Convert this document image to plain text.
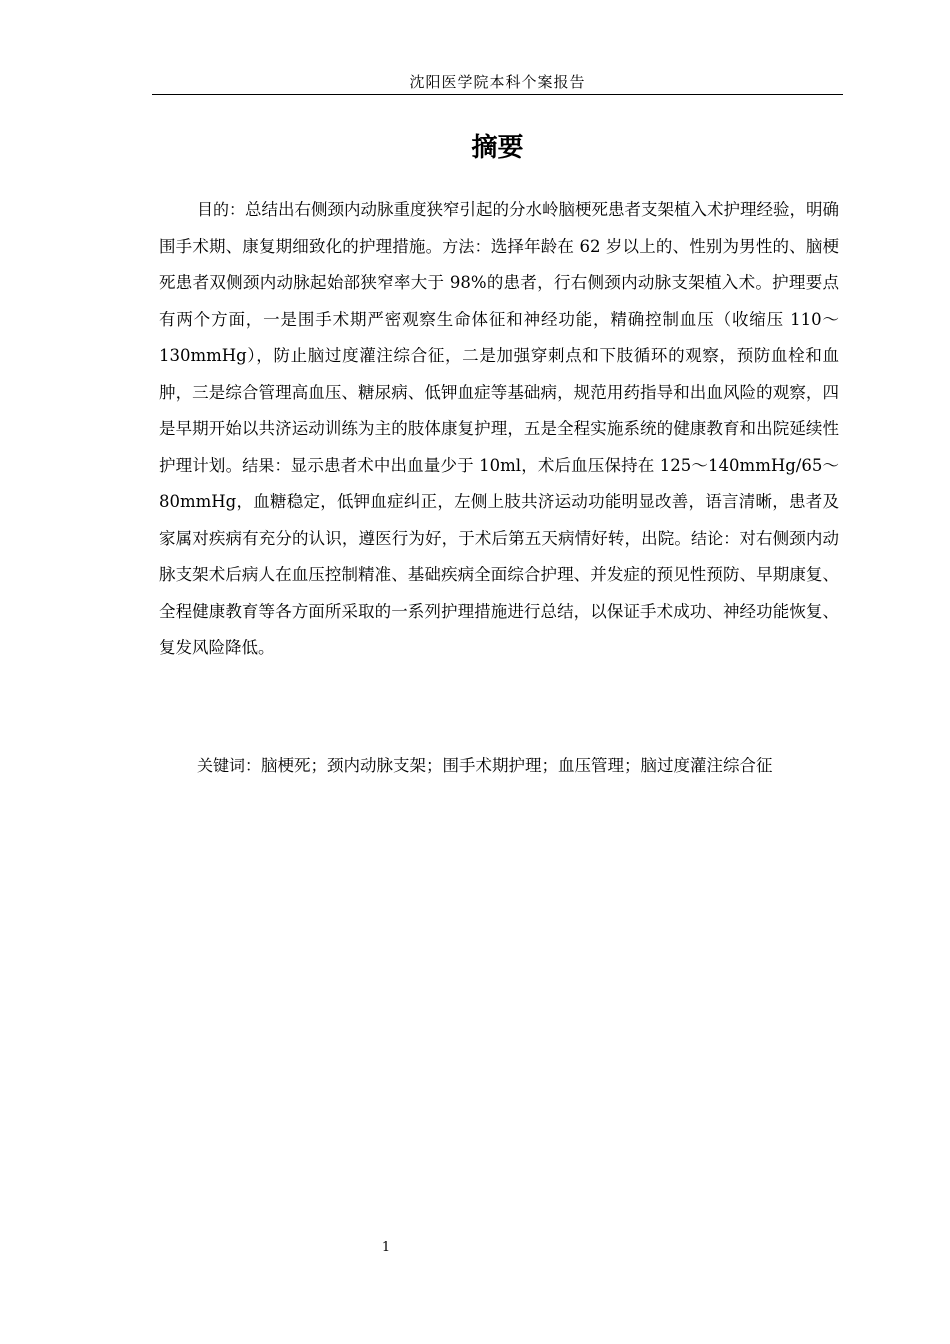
沈阳医学院本科个案报告
摘要

目的：总结出右侧颈内动脉重度狭窄引起的分水岭脑梗死患者支架植入术护理经验，明确围手术期、康复期细致化的护理措施。方法：选择年龄在 62 岁以上的、性别为男性的、脑梗死患者双侧颈内动脉起始部狭窄率大于 98%的患者，行右侧颈内动脉支架植入术。护理要点有两个方面，一是围手术期严密观察生命体征和神经功能，精确控制血压（收缩压 110～130mmHg），防止脑过度灌注综合征，二是加强穿刺点和下肢循环的观察，预防血栓和血肿，三是综合管理高血压、糖尿病、低钾血症等基础病，规范用药指导和出血风险的观察，四是早期开始以共济运动训练为主的肢体康复护理，五是全程实施系统的健康教育和出院延续性护理计划。结果：显示患者术中出血量少于 10ml，术后血压保持在 125～140mmHg/65～80mmHg，血糖稳定，低钾血症纠正，左侧上肢共济运动功能明显改善，语言清晰，患者及家属对疾病有充分的认识，遵医行为好，于术后第五天病情好转，出院。结论：对右侧颈内动脉支架术后病人在血压控制精准、基础疾病全面综合护理、并发症的预见性预防、早期康复、全程健康教育等各方面所采取的一系列护理措施进行总结，以保证手术成功、神经功能恢复、复发风险降低。

关键词：脑梗死；颈内动脉支架；围手术期护理；血压管理；脑过度灌注综合征

1
